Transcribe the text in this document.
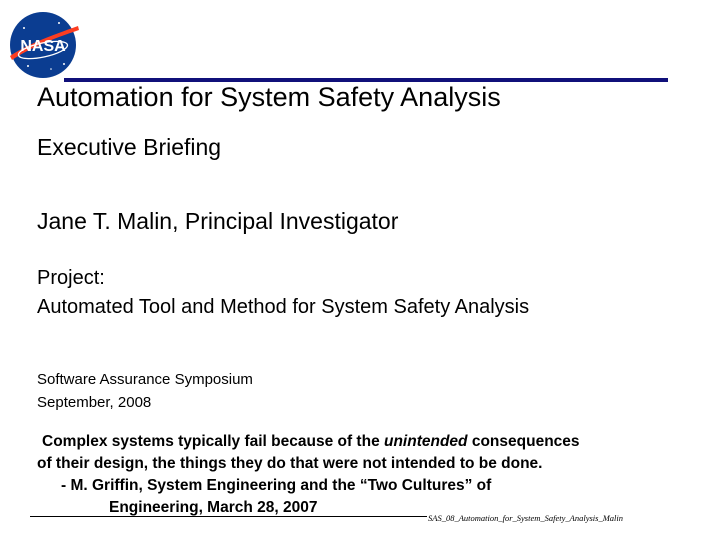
NASA
Automation for System Safety Analysis
Executive Briefing
Jane T. Malin, Principal Investigator
Project:
Automated Tool and Method for System Safety Analysis
Software Assurance Symposium
September, 2008
Complex systems typically fail because of the unintended consequences
of their design, the things they do that were not intended to be done.
- M. Griffin, System Engineering and the “Two Cultures” of
Engineering, March 28, 2007
SAS_08_Automation_for_System_Safety_Analysis_Malin
